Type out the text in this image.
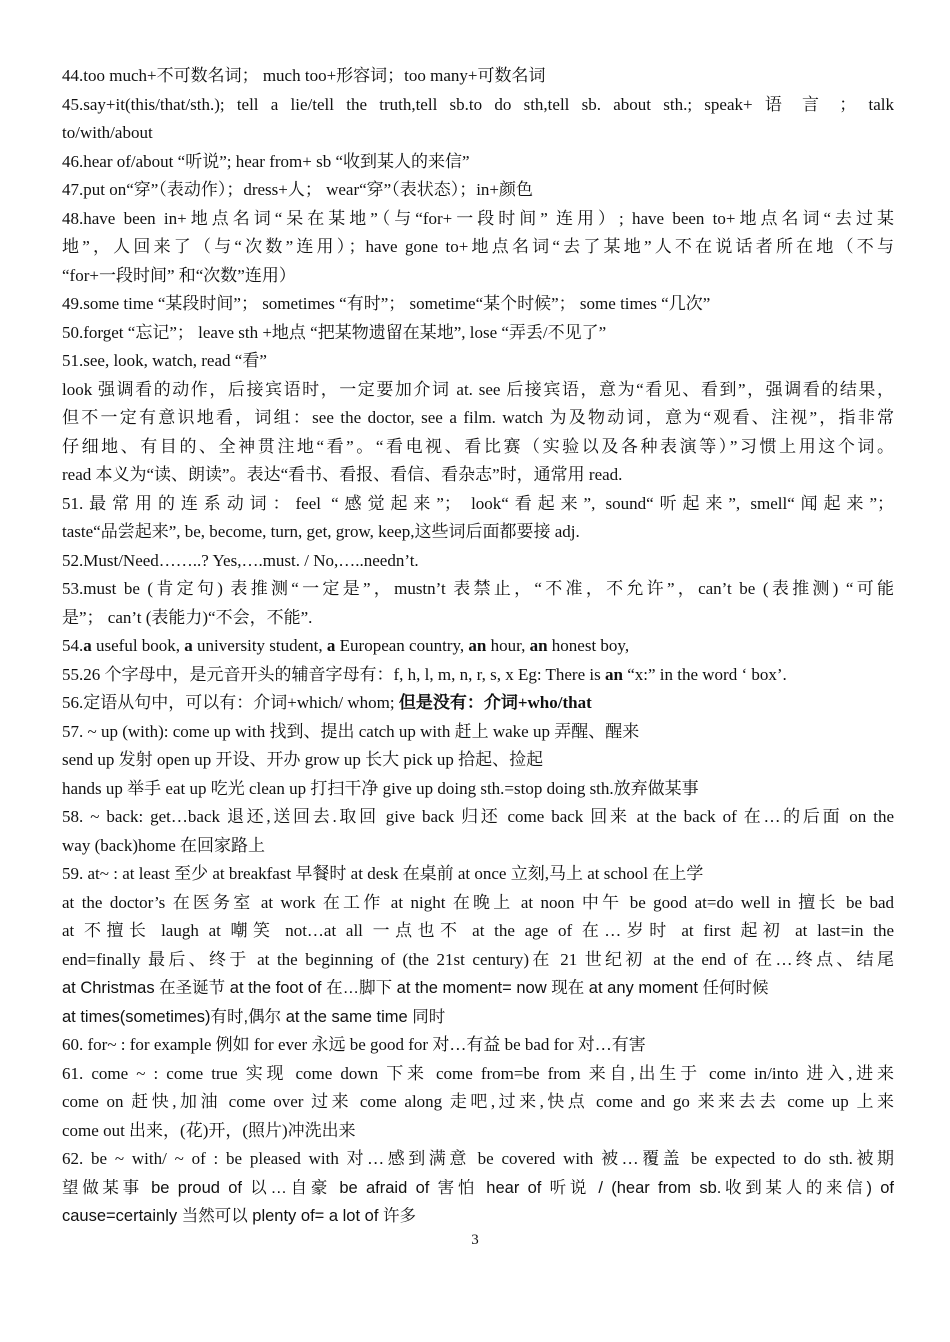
44.too much+不可数名词； much too+形容词；too many+可数名词
45.say+it(this/that/sth.); tell a lie/tell the truth,tell sb.to do sth,tell sb. about sth.; speak+ 语 言 ； talk
to/with/about
46.hear of/about “听说”; hear from+ sb “收到某人的来信”
47.put on“穿”（表动作）；dress+人； wear“穿”（表状态）；in+颜色
48.have been in+地点名词“呆在某地”（与“for+一段时间” 连用）; have been to+地点名词“去过某
地”，人回来了（与“次数”连用）；have gone to+地点名词“去了某地”人不在说话者所在地（不与
“for+一段时间” 和“次数”连用）
49.some time “某段时间”； sometimes “有时”； sometime“某个时候”； some times “几次”
50.forget “忘记”； leave sth +地点 “把某物遗留在某地”, lose “弄丢/不见了”
51.see, look, watch, read “看”
look 强调看的动作，后接宾语时，一定要加介词 at. see 后接宾语，意为“看见、看到”，强调看的结果，
但不一定有意识地看，词组：see the doctor, see a film. watch 为及物动词，意为“观看、注视”，指非常
仔细地、有目的、全神贯注地“看”。“看电视、看比赛（实验以及各种表演等）”习惯上用这个词。
read 本义为“读、朗读”。表达“看书、看报、看信、看杂志”时，通常用 read.
51.最常用的连系动词：feel “感觉起来”； look“看起来”, sound“听起来”, smell“闻起来”；
taste“品尝起来”, be, become, turn, get, grow, keep,这些词后面都要接 adj.
52.Must/Need……..? Yes,….must. / No,…..needn’t.
53.must be (肯定句) 表推测“一定是”，mustn’t 表禁止，“不准，不允许”，can’t be (表推测) “可能
是”； can’t (表能力)“不会，不能”.
54.a useful book, a university student, a European country, an hour, an honest boy,
55.26 个字母中，是元音开头的辅音字母有：f, h, l, m, n, r, s, x Eg: There is an “x:” in the word ‘ box’.
56.定语从句中，可以有：介词+which/ whom; 但是没有：介词+who/that
57. ~ up (with): come up with 找到、提出 catch up with 赶上 wake up 弄醒、醒来
send up 发射 open up 开设、开办 grow up 长大 pick up 拾起、捡起
hands up 举手 eat up 吃光 clean up 打扫干净 give up doing sth.=stop doing sth.放弃做某事
58. ~ back: get…back 退还,送回去.取回 give back 归还 come back 回来 at the back of 在…的后面 on the
way (back)home 在回家路上
59. at~ : at least 至少 at breakfast 早餐时 at desk 在桌前 at once 立刻,马上 at school 在上学
at the doctor’s 在医务室 at work 在工作 at night 在晚上 at noon 中午 be good at=do well in 擅长 be bad
at 不擅长 laugh at 嘲笑 not…at all 一点也不 at the age of 在…岁时 at first 起初 at last=in the
end=finally 最后、终于 at the beginning of (the 21st century)在 21 世纪初 at the end of 在…终点、结尾
at Christmas 在圣诞节 at the foot of 在…脚下 at the moment= now 现在 at any moment 任何时候
at times(sometimes)有时,偶尔 at the same time 同时
60. for~ : for example 例如 for ever 永远 be good for 对…有益 be bad for 对…有害
61. come ~ : come true 实现 come down 下来 come from=be from 来自,出生于 come in/into 进入,进来
come on 赶快,加油 come over 过来 come along 走吧,过来,快点 come and go 来来去去 come up 上来
come out 出来，(花)开，(照片)冲洗出来
62. be ~ with/ ~ of : be pleased with 对…感到满意 be covered with 被…覆盖 be expected to do sth.被期
望做某事 be proud of 以…自豪 be afraid of 害怕 hear of 听说 / (hear from sb.收到某人的来信) of
cause=certainly 当然可以 plenty of= a lot of 许多
3
